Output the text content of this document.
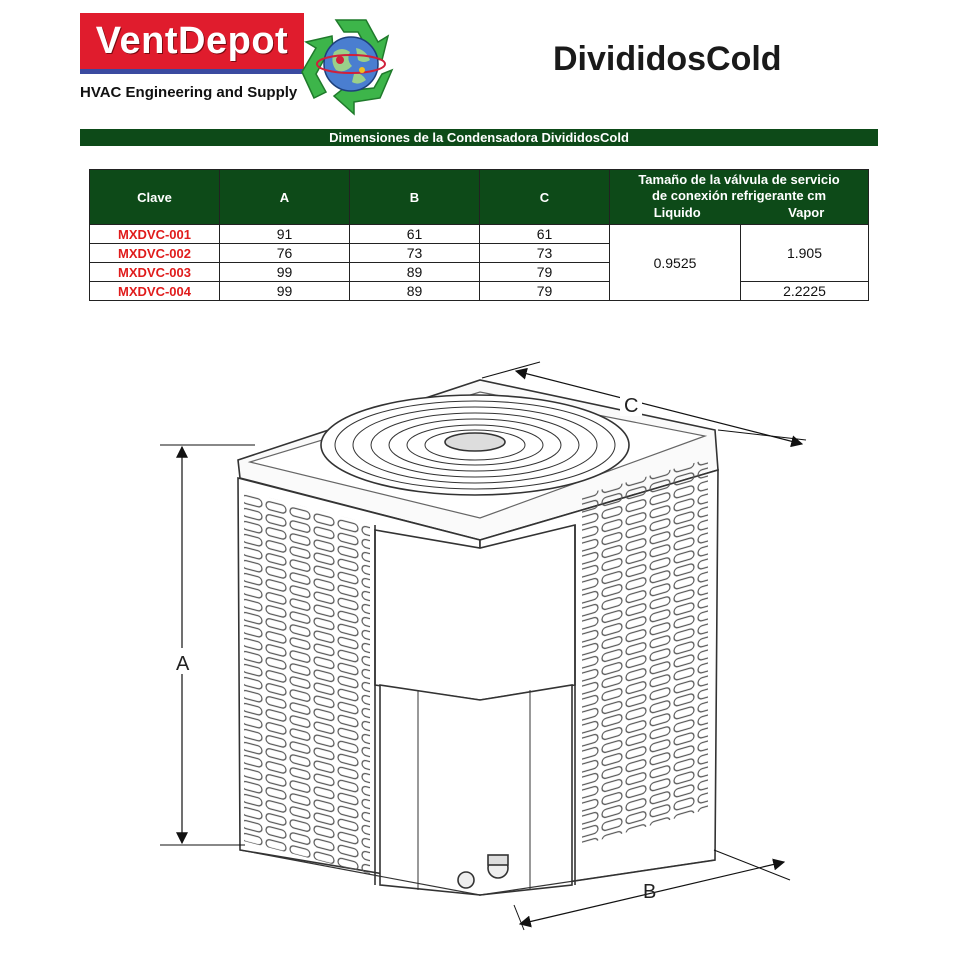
VentDepot
HVAC Engineering and Supply
DivididosCold
Dimensiones de la Condensadora DivididosCold
Clave	A	B	C	Tamaño de la válvula de servicio
de conexión refrigerante cm
Liquido Vapor	

MXDVC-001	91	61	61	0.9525	1.905
MXDVC-002	76	73	73		
MXDVC-003	99	89	79		
MXDVC-004	99	89	79		2.2225
A
B
C
